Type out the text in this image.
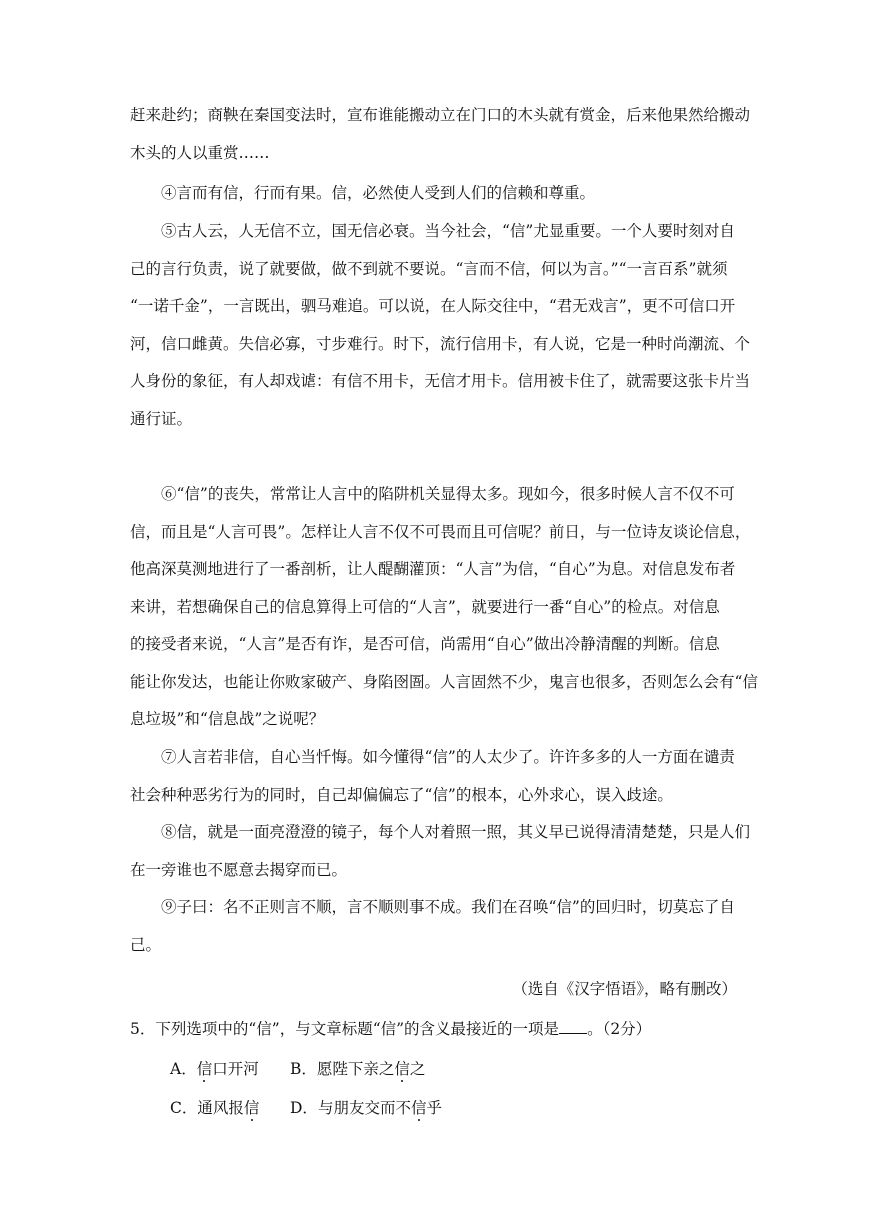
赶来赴约；商鞅在秦国变法时，宣布谁能搬动立在门口的木头就有赏金，后来他果然给搬动
木头的人以重赏……
④言而有信，行而有果。信，必然使人受到人们的信赖和尊重。
⑤古人云，人无信不立，国无信必衰。当今社会，“信”尤显重要。一个人要时刻对自
己的言行负责，说了就要做，做不到就不要说。“言而不信，何以为言。”“一言百系”就须
“一诺千金”，一言既出，驷马难追。可以说，在人际交往中，“君无戏言”，更不可信口开
河，信口雌黄。失信必寡，寸步难行。时下，流行信用卡，有人说，它是一种时尚潮流、个
人身份的象征，有人却戏谑：有信不用卡，无信才用卡。信用被卡住了，就需要这张卡片当
通行证。
⑥“信”的丧失，常常让人言中的陷阱机关显得太多。现如今，很多时候人言不仅不可
信，而且是“人言可畏”。怎样让人言不仅不可畏而且可信呢？前日，与一位诗友谈论信息，
他高深莫测地进行了一番剖析，让人醍醐灌顶：“人言”为信，“自心”为息。对信息发布者
来讲，若想确保自己的信息算得上可信的“人言”，就要进行一番“自心”的检点。对信息
的接受者来说，“人言”是否有诈，是否可信，尚需用“自心”做出冷静清醒的判断。信息
能让你发达，也能让你败家破产、身陷囹圄。人言固然不少，鬼言也很多，否则怎么会有“信
息垃圾”和“信息战”之说呢？
⑦人言若非信，自心当忏悔。如今懂得“信”的人太少了。许许多多的人一方面在谴责
社会种种恶劣行为的同时，自己却偏偏忘了“信”的根本，心外求心，误入歧途。
⑧信，就是一面亮澄澄的镜子，每个人对着照一照，其义早已说得清清楚楚，只是人们
在一旁谁也不愿意去揭穿而已。
⑨子曰：名不正则言不顺，言不顺则事不成。我们在召唤“信”的回归时，切莫忘了自
己。
（选自《汉字悟语》，略有删改）
5．下列选项中的“信”，与文章标题“信”的含义最接近的一项是 。（2分）
A．信口开河 B．愿陛下亲之信之
C．通风报信 D．与朋友交而不信乎
